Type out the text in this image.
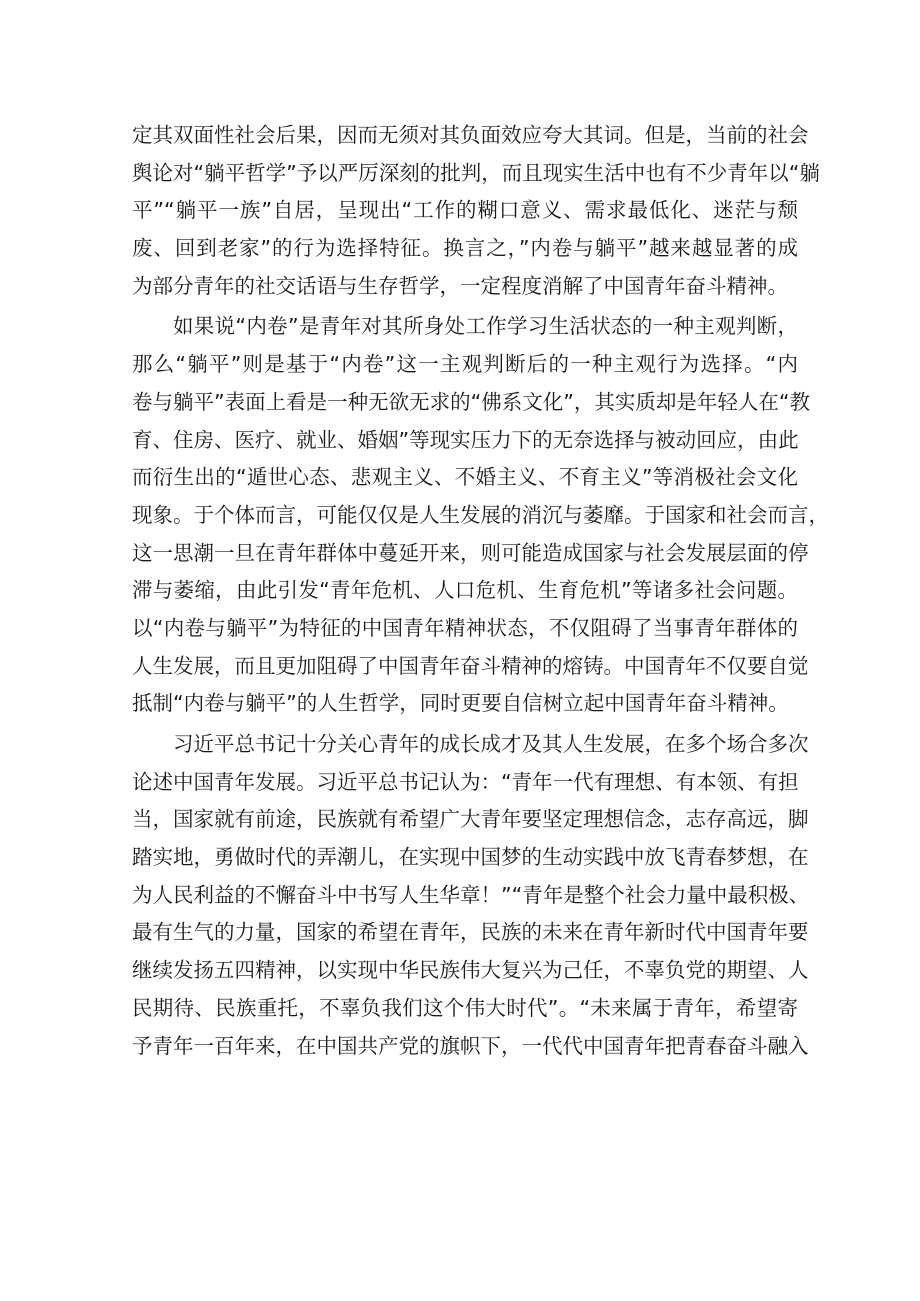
定其双面性社会后果，因而无须对其负面效应夸大其词。但是，当前的社会
舆论对“躺平哲学”予以严厉深刻的批判，而且现实生活中也有不少青年以“躺
平”“躺平一族”自居，呈现出“工作的糊口意义、需求最低化、迷茫与颓
废、回到老家”的行为选择特征。换言之，”内卷与躺平”越来越显著的成
为部分青年的社交话语与生存哲学，一定程度消解了中国青年奋斗精神。
如果说“内卷”是青年对其所身处工作学习生活状态的一种主观判断，
那么“躺平”则是基于“内卷”这一主观判断后的一种主观行为选择。“内
卷与躺平”表面上看是一种无欲无求的“佛系文化”，其实质却是年轻人在“教
育、住房、医疗、就业、婚姻”等现实压力下的无奈选择与被动回应，由此
而衍生出的“遁世心态、悲观主义、不婚主义、不育主义”等消极社会文化
现象。于个体而言，可能仅仅是人生发展的消沉与萎靡。于国家和社会而言，
这一思潮一旦在青年群体中蔓延开来，则可能造成国家与社会发展层面的停
滞与萎缩，由此引发“青年危机、人口危机、生育危机”等诸多社会问题。
以“内卷与躺平”为特征的中国青年精神状态，不仅阻碍了当事青年群体的
人生发展，而且更加阻碍了中国青年奋斗精神的熔铸。中国青年不仅要自觉
抵制“内卷与躺平”的人生哲学，同时更要自信树立起中国青年奋斗精神。
习近平总书记十分关心青年的成长成才及其人生发展，在多个场合多次
论述中国青年发展。习近平总书记认为：“青年一代有理想、有本领、有担
当，国家就有前途，民族就有希望广大青年要坚定理想信念，志存高远，脚
踏实地，勇做时代的弄潮儿，在实现中国梦的生动实践中放飞青春梦想，在
为人民利益的不懈奋斗中书写人生华章！”“青年是整个社会力量中最积极、
最有生气的力量，国家的希望在青年，民族的未来在青年新时代中国青年要
继续发扬五四精神，以实现中华民族伟大复兴为己任，不辜负党的期望、人
民期待、民族重托，不辜负我们这个伟大时代”。“未来属于青年，希望寄
予青年一百年来，在中国共产党的旗帜下，一代代中国青年把青春奋斗融入
